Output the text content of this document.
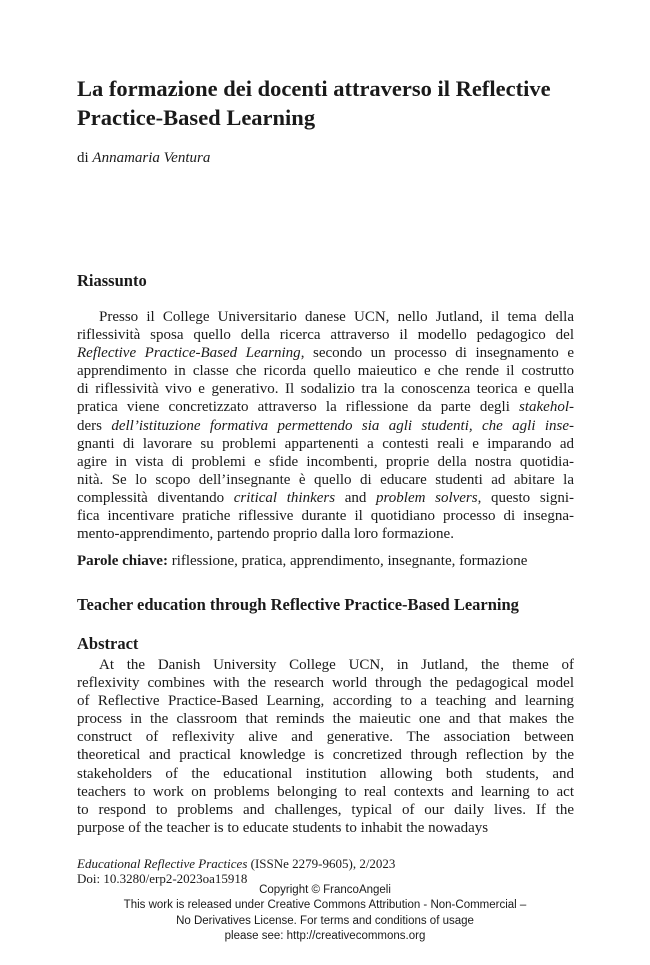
La formazione dei docenti attraverso il Reflective Practice-Based Learning
di Annamaria Ventura
Riassunto
Presso il College Universitario danese UCN, nello Jutland, il tema della
riflessività sposa quello della ricerca attraverso il modello pedagogico del
Reflective Practice-Based Learning, secondo un processo di insegnamento e
apprendimento in classe che ricorda quello maieutico e che rende il costrutto
di riflessività vivo e generativo. Il sodalizio tra la conoscenza teorica e quella
pratica viene concretizzato attraverso la riflessione da parte degli stakehol-
ders dell’istituzione formativa permettendo sia agli studenti, che agli inse-
gnanti di lavorare su problemi appartenenti a contesti reali e imparando ad
agire in vista di problemi e sfide incombenti, proprie della nostra quotidia-
nità. Se lo scopo dell’insegnante è quello di educare studenti ad abitare la
complessità diventando critical thinkers and problem solvers, questo signi-
fica incentivare pratiche riflessive durante il quotidiano processo di insegna-
mento-apprendimento, partendo proprio dalla loro formazione.
Parole chiave: riflessione, pratica, apprendimento, insegnante, formazione
Teacher education through Reflective Practice-Based Learning
Abstract
At the Danish University College UCN, in Jutland, the theme of
reflexivity combines with the research world through the pedagogical model
of Reflective Practice-Based Learning, according to a teaching and learning
process in the classroom that reminds the maieutic one and that makes the
construct of reflexivity alive and generative. The association between
theoretical and practical knowledge is concretized through reflection by the
stakeholders of the educational institution allowing both students, and
teachers to work on problems belonging to real contexts and learning to act
to respond to problems and challenges, typical of our daily lives. If the
purpose of the teacher is to educate students to inhabit the nowadays
Educational Reflective Practices (ISSNe 2279-9605), 2/2023
Doi: 10.3280/erp2-2023oa15918
Copyright © FrancoAngeli
This work is released under Creative Commons Attribution - Non-Commercial –
No Derivatives License. For terms and conditions of usage
please see: http://creativecommons.org
